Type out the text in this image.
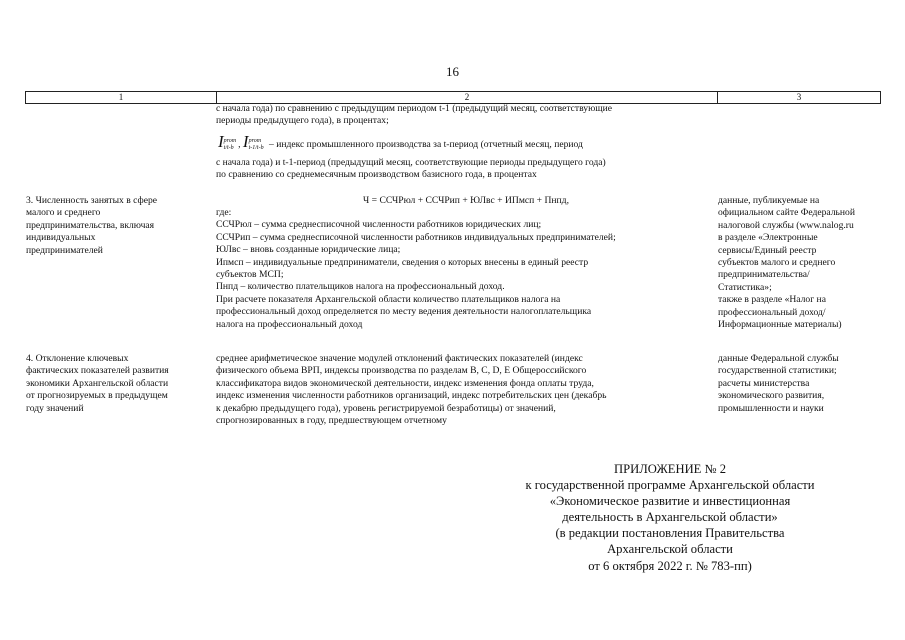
16
1	2	3
с начала года) по сравнению с предыдущим периодом t-1 (предыдущий месяц, соответствующие
периоды предыдущего года), в процентах;
I prom
t/t-b , I prom
t-1/t-b – индекс промышленного производства за t-период (отчетный месяц, период
с начала года) и t-1-период (предыдущий месяц, соответствующие периоды предыдущего года)
по сравнению со среднемесячным производством базисного года, в процентах
3. Численность занятых в сфере
малого и среднего
предпринимательства, включая
индивидуальных
предпринимателей
Ч = ССЧРюл + ССЧРип + ЮЛвс + ИПмсп + Пнпд,
где:
ССЧРюл – сумма среднесписочной численности работников юридических лиц;
ССЧРип – сумма среднесписочной численности работников индивидуальных предпринимателей;
ЮЛвс – вновь созданные юридические лица;
Ипмсп – индивидуальные предприниматели, сведения о которых внесены в единый реестр
субъектов МСП;
Пнпд – количество плательщиков налога на профессиональный доход.
При расчете показателя Архангельской области количество плательщиков налога на
профессиональный доход определяется по месту ведения деятельности налогоплательщика
налога на профессиональный доход
данные, публикуемые на
официальном сайте Федеральной
налоговой службы (www.nalog.ru
в разделе «Электронные
сервисы/Единый реестр
субъектов малого и среднего
предпринимательства/
Статистика»;
также в разделе «Налог на
профессиональный доход/
Информационные материалы)
4. Отклонение ключевых
фактических показателей развития
экономики Архангельской области
от прогнозируемых в предыдущем
году значений
среднее арифметическое значение модулей отклонений фактических показателей (индекс
физического объема ВРП, индексы производства по разделам B, C, D, E Общероссийского
классификатора видов экономической деятельности, индекс изменения фонда оплаты труда,
индекс изменения численности работников организаций, индекс потребительских цен (декабрь
к декабрю предыдущего года), уровень регистрируемой безработицы) от значений,
спрогнозированных в году, предшествующем отчетному
данные Федеральной службы
государственной статистики;
расчеты министерства
экономического развития,
промышленности и науки
ПРИЛОЖЕНИЕ № 2
к государственной программе Архангельской области
«Экономическое развитие и инвестиционная
деятельность в Архангельской области»
(в редакции постановления Правительства
Архангельской области
от 6 октября 2022 г. № 783-пп)
